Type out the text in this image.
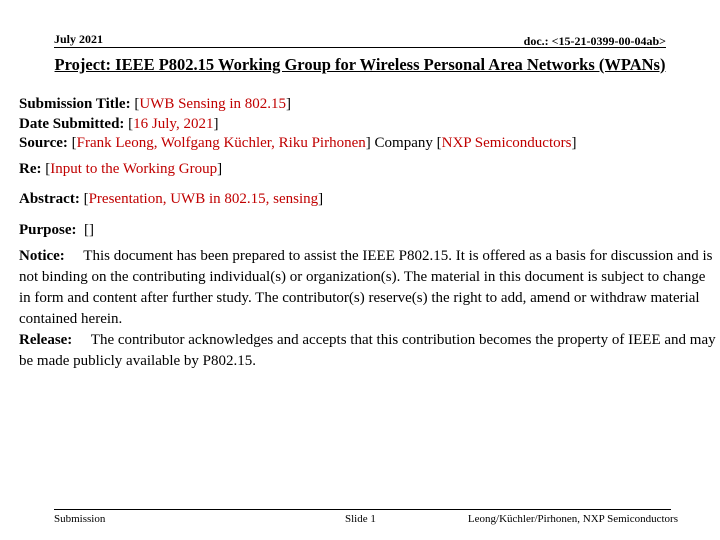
July 2021	doc.: <15-21-0399-00-04ab>
Project: IEEE P802.15 Working Group for Wireless Personal Area Networks (WPANs)
Submission Title: [UWB Sensing in 802.15]
Date Submitted: [16 July, 2021]
Source: [Frank Leong, Wolfgang Küchler, Riku Pirhonen] Company [NXP Semiconductors]
Re: [Input to the Working Group]
Abstract: [Presentation, UWB in 802.15, sensing]
Purpose: []
Notice: This document has been prepared to assist the IEEE P802.15. It is offered as a basis for discussion and is not binding on the contributing individual(s) or organization(s). The material in this document is subject to change in form and content after further study. The contributor(s) reserve(s) the right to add, amend or withdraw material contained herein.
Release: The contributor acknowledges and accepts that this contribution becomes the property of IEEE and may be made publicly available by P802.15.
Submission	Slide 1	Leong/Küchler/Pirhonen, NXP Semiconductors
